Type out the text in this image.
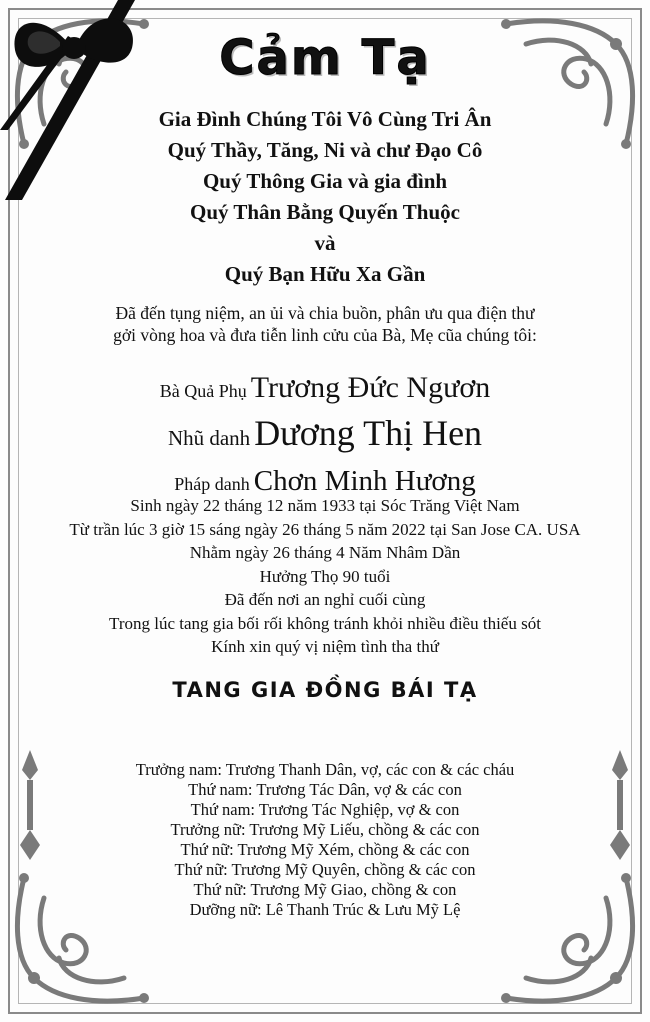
Cảm Tạ
Gia Đình Chúng Tôi Vô Cùng Tri Ân
Quý Thầy, Tăng, Ni và chư Đạo Cô
Quý Thông Gia và gia đình
Quý Thân Bằng Quyến Thuộc
và
Quý Bạn Hữu Xa Gần
Đã đến tụng niệm, an ủi và chia buồn, phân ưu qua điện thư
gởi vòng hoa và đưa tiễn linh cửu của Bà, Mẹ cũa chúng tôi:
Bà Quả Phụ Trương Đức Ngươn
Nhũ danh Dương Thị Hen
Pháp danh Chơn Minh Hương
Sinh ngày 22 tháng 12 năm 1933 tại Sóc Trăng Việt Nam
Từ trần lúc 3 giờ 15 sáng ngày 26 tháng 5 năm 2022 tại San Jose CA. USA
Nhằm ngày 26 tháng 4 Năm Nhâm Dần
Hưởng Thọ 90 tuổi
Đã đến nơi an nghỉ cuối cùng
Trong lúc tang gia bối rối không tránh khỏi nhiều điều thiếu sót
Kính xin quý vị niệm tình tha thứ
TANG GIA ĐỒNG BÁI TẠ
Trưởng nam: Trương Thanh Dân, vợ, các con & các cháu
Thứ nam: Trương Tác Dân, vợ & các con
Thứ nam: Trương Tác Nghiệp, vợ & con
Trưởng nữ: Trương Mỹ Liếu, chồng & các con
Thứ nữ: Trương Mỹ Xém, chồng & các con
Thứ nữ: Trương Mỹ Quyên, chồng & các con
Thứ nữ: Trương Mỹ Giao, chồng & con
Dưỡng nữ: Lê Thanh Trúc & Lưu Mỹ Lệ
